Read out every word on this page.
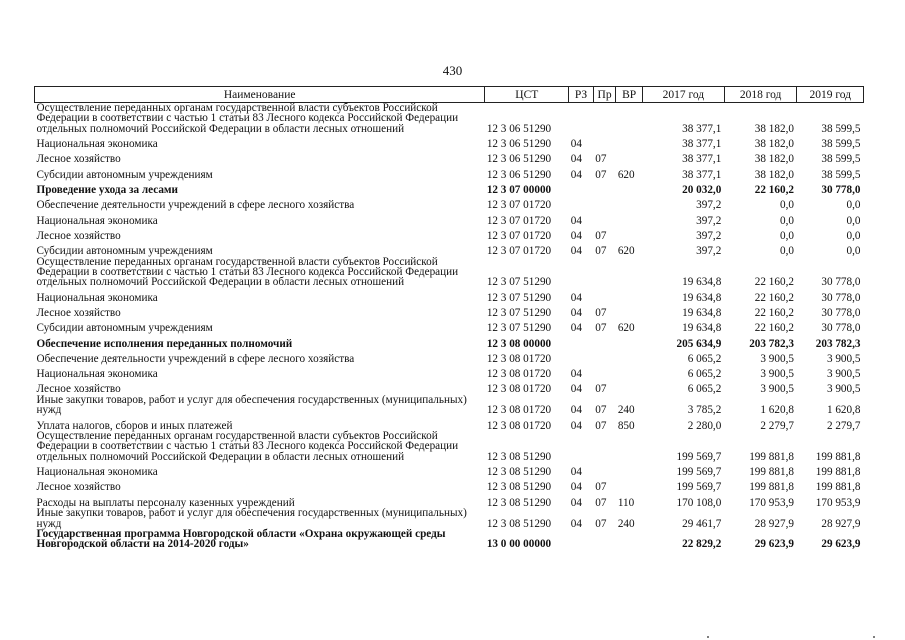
430
Наименование	ЦСТ	РЗ	Пр	ВР	2017 год	2018 год	2019 год
Осуществление переданных органам государственной власти субъектов Российской Федерации в соответствии с частью 1 статьи 83 Лесного кодекса Российской Федерации отдельных полномочий Российской Федерации в области лесных отношений	12 3 06 51290				38 377,1	38 182,0	38 599,5
Национальная экономика	12 3 06 51290	04			38 377,1	38 182,0	38 599,5
Лесное хозяйство	12 3 06 51290	04	07		38 377,1	38 182,0	38 599,5
Субсидии автономным учреждениям	12 3 06 51290	04	07	620	38 377,1	38 182,0	38 599,5
Проведение ухода за лесами	12 3 07 00000				20 032,0	22 160,2	30 778,0
Обеспечение деятельности учреждений в сфере лесного хозяйства	12 3 07 01720				397,2	0,0	0,0
Национальная экономика	12 3 07 01720	04			397,2	0,0	0,0
Лесное хозяйство	12 3 07 01720	04	07		397,2	0,0	0,0
Субсидии автономным учреждениям	12 3 07 01720	04	07	620	397,2	0,0	0,0
Осуществление переданных органам государственной власти субъектов Российской Федерации в соответствии с частью 1 статьи 83 Лесного кодекса Российской Федерации отдельных полномочий Российской Федерации в области лесных отношений	12 3 07 51290				19 634,8	22 160,2	30 778,0
Национальная экономика	12 3 07 51290	04			19 634,8	22 160,2	30 778,0
Лесное хозяйство	12 3 07 51290	04	07		19 634,8	22 160,2	30 778,0
Субсидии автономным учреждениям	12 3 07 51290	04	07	620	19 634,8	22 160,2	30 778,0
Обеспечение исполнения переданных полномочий	12 3 08 00000				205 634,9	203 782,3	203 782,3
Обеспечение деятельности учреждений в сфере лесного хозяйства	12 3 08 01720				6 065,2	3 900,5	3 900,5
Национальная экономика	12 3 08 01720	04			6 065,2	3 900,5	3 900,5
Лесное хозяйство	12 3 08 01720	04	07		6 065,2	3 900,5	3 900,5
Иные закупки товаров, работ и услуг для обеспечения государственных (муниципальных) нужд	12 3 08 01720	04	07	240	3 785,2	1 620,8	1 620,8
Уплата налогов, сборов и иных платежей	12 3 08 01720	04	07	850	2 280,0	2 279,7	2 279,7
Осуществление переданных органам государственной власти субъектов Российской Федерации в соответствии с частью 1 статьи 83 Лесного кодекса Российской Федерации отдельных полномочий Российской Федерации в области лесных отношений	12 3 08 51290				199 569,7	199 881,8	199 881,8
Национальная экономика	12 3 08 51290	04			199 569,7	199 881,8	199 881,8
Лесное хозяйство	12 3 08 51290	04	07		199 569,7	199 881,8	199 881,8
Расходы на выплаты персоналу казенных учреждений	12 3 08 51290	04	07	110	170 108,0	170 953,9	170 953,9
Иные закупки товаров, работ и услуг для обеспечения государственных (муниципальных) нужд	12 3 08 51290	04	07	240	29 461,7	28 927,9	28 927,9
Государственная программа Новгородской области «Охрана окружающей среды Новгородской области на 2014-2020 годы»	13 0 00 00000				22 829,2	29 623,9	29 623,9
